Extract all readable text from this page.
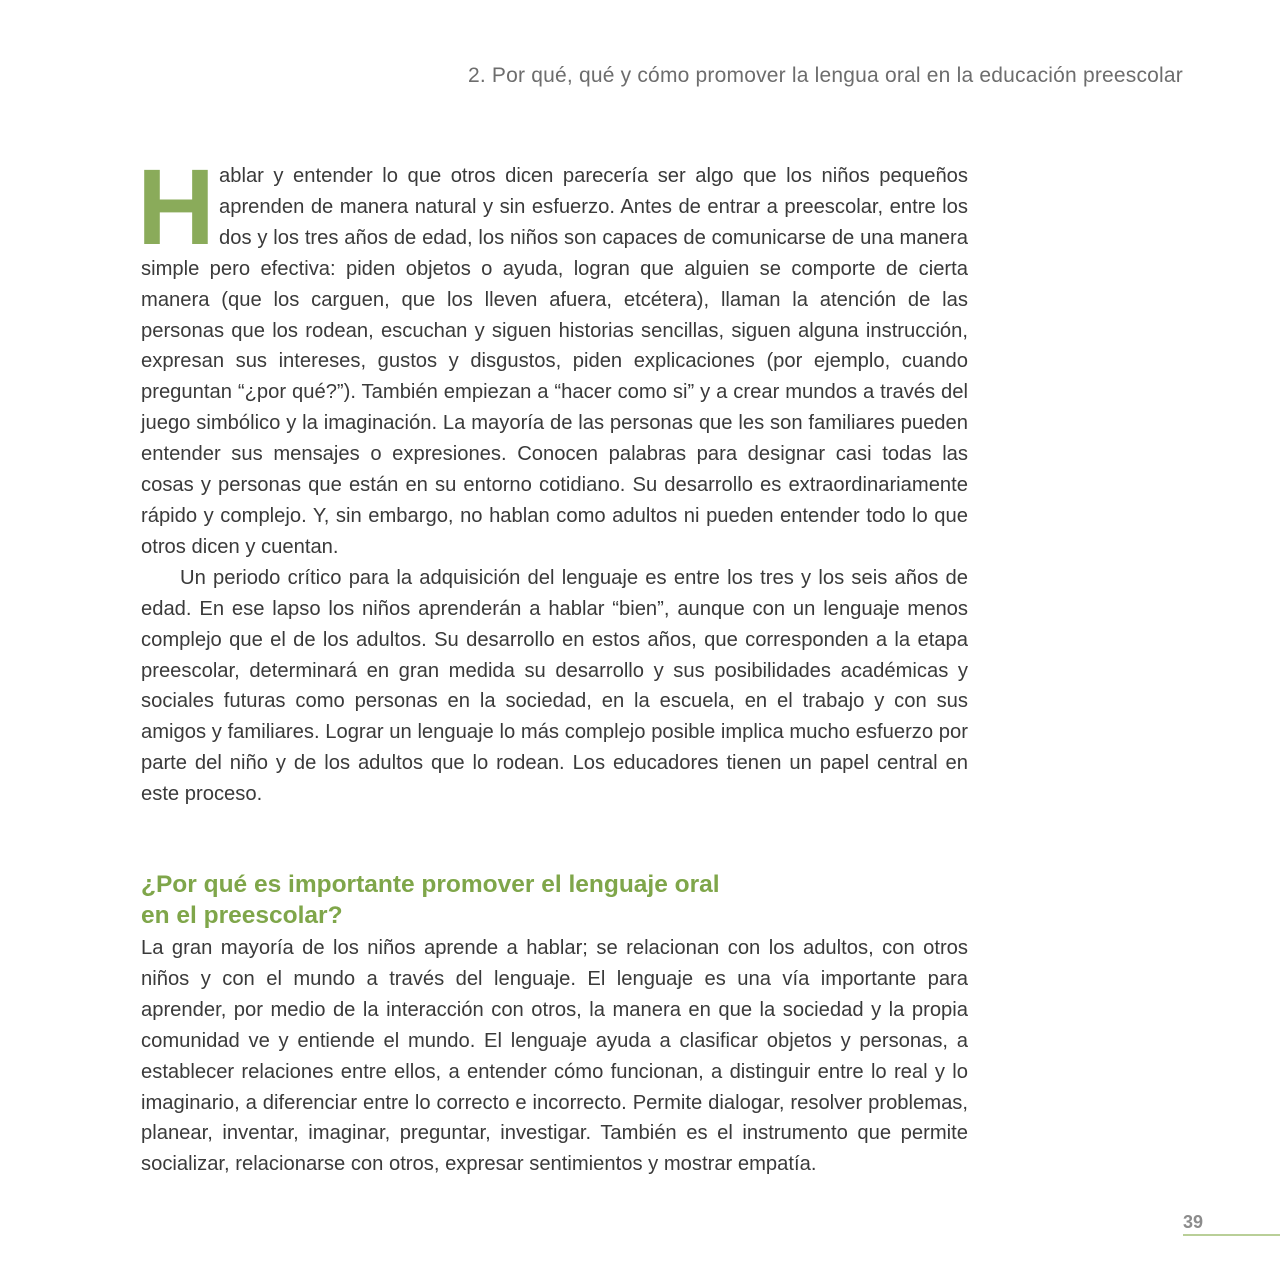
2. Por qué, qué y cómo promover la lengua oral en la educación preescolar

Hablar y entender lo que otros dicen parecería ser algo que los niños pequeños aprenden de manera natural y sin esfuerzo. Antes de entrar a preescolar, entre los dos y los tres años de edad, los niños son capaces de comunicarse de una manera simple pero efectiva: piden objetos o ayuda, logran que alguien se comporte de cierta manera (que los carguen, que los lleven afuera, etcétera), llaman la atención de las personas que los rodean, escuchan y siguen historias sencillas, siguen alguna instrucción, expresan sus intereses, gustos y disgustos, piden explicaciones (por ejemplo, cuando preguntan “¿por qué?”). También empiezan a “hacer como si” y a crear mundos a través del juego simbólico y la imaginación. La mayoría de las personas que les son familiares pueden entender sus mensajes o expresiones. Conocen palabras para designar casi todas las cosas y personas que están en su entorno cotidiano. Su desarrollo es extraordinariamente rápido y complejo. Y, sin embargo, no hablan como adultos ni pueden entender todo lo que otros dicen y cuentan.

Un periodo crítico para la adquisición del lenguaje es entre los tres y los seis años de edad. En ese lapso los niños aprenderán a hablar “bien”, aunque con un lenguaje menos complejo que el de los adultos. Su desarrollo en estos años, que corresponden a la etapa preescolar, determinará en gran medida su desarrollo y sus posibilidades académicas y sociales futuras como personas en la sociedad, en la escuela, en el trabajo y con sus amigos y familiares. Lograr un lenguaje lo más complejo posible implica mucho esfuerzo por parte del niño y de los adultos que lo rodean. Los educadores tienen un papel central en este proceso.

¿Por qué es importante promover el lenguaje oral
en el preescolar?

La gran mayoría de los niños aprende a hablar; se relacionan con los adultos, con otros niños y con el mundo a través del lenguaje. El lenguaje es una vía importante para aprender, por medio de la interacción con otros, la manera en que la sociedad y la propia comunidad ve y entiende el mundo. El lenguaje ayuda a clasificar objetos y personas, a establecer relaciones entre ellos, a entender cómo funcionan, a distinguir entre lo real y lo imaginario, a diferenciar entre lo correcto e incorrecto. Permite dialogar, resolver problemas, planear, inventar, imaginar, preguntar, investigar. También es el instrumento que permite socializar, relacionarse con otros, expresar sentimientos y mostrar empatía.

39
